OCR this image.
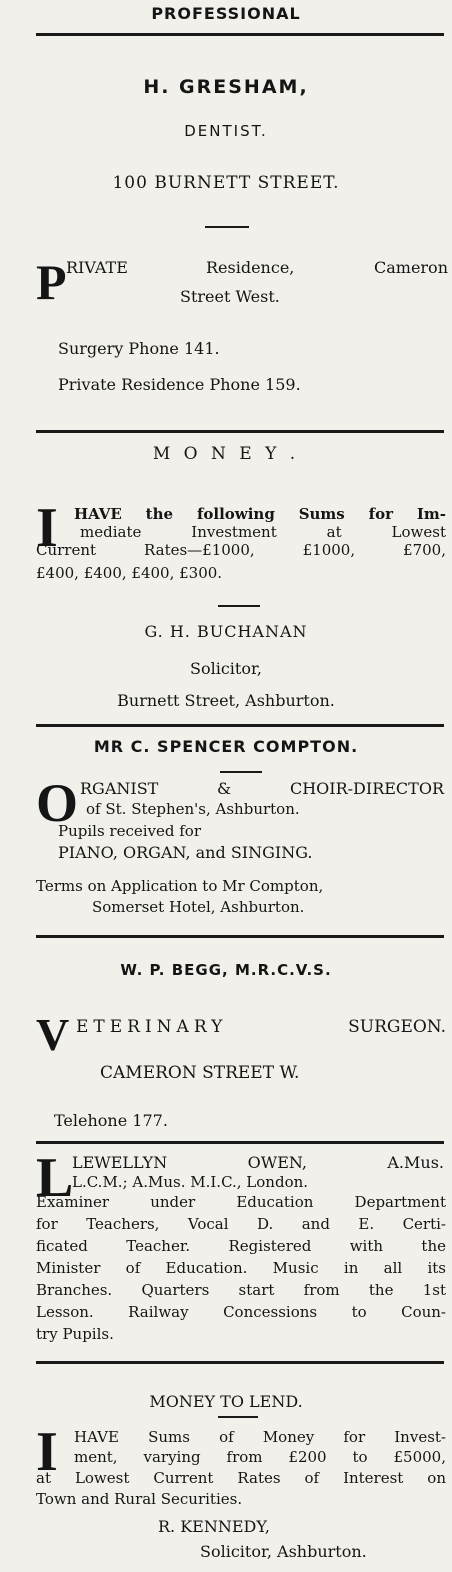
PROFESSIONAL
H. GRESHAM,
DENTIST.
100 BURNETT STREET.
P RIVATE	Residence,	Cameron
Street West.
Surgery Phone 141.
Private Residence Phone 159.
M O N E Y .
I HAVE the following Sums for Im-
mediate Investment at Lowest
Current Rates—£1000, £1000, £700,
£400, £400, £400, £300.
G. H. BUCHANAN
Solicitor,
Burnett Street, Ashburton.
MR C. SPENCER COMPTON.
O RGANIST & CHOIR-DIRECTOR
of St. Stephen's, Ashburton.
Pupils received for
PIANO, ORGAN, and SINGING.
Terms on Application to Mr Compton,
Somerset Hotel, Ashburton.
W. P. BEGG, M.R.C.V.S.
V ETERINARY	SURGEON.
CAMERON STREET W.
Telehone 177.
L
LEWELLYN OWEN, A.Mus.
L.C.M.; A.Mus. M.I.C., London.
Examiner under Education Department
for Teachers, Vocal D. and E. Certi-
ficated Teacher. Registered with the
Minister of Education. Music in all its
Branches. Quarters start from the 1st
Lesson. Railway Concessions to Coun-
try Pupils.
MONEY TO LEND.
I HAVE Sums of Money for Invest-
ment, varying from £200 to £5000,
at Lowest Current Rates of Interest on
Town and Rural Securities.
R. KENNEDY,
Solicitor, Ashburton.
